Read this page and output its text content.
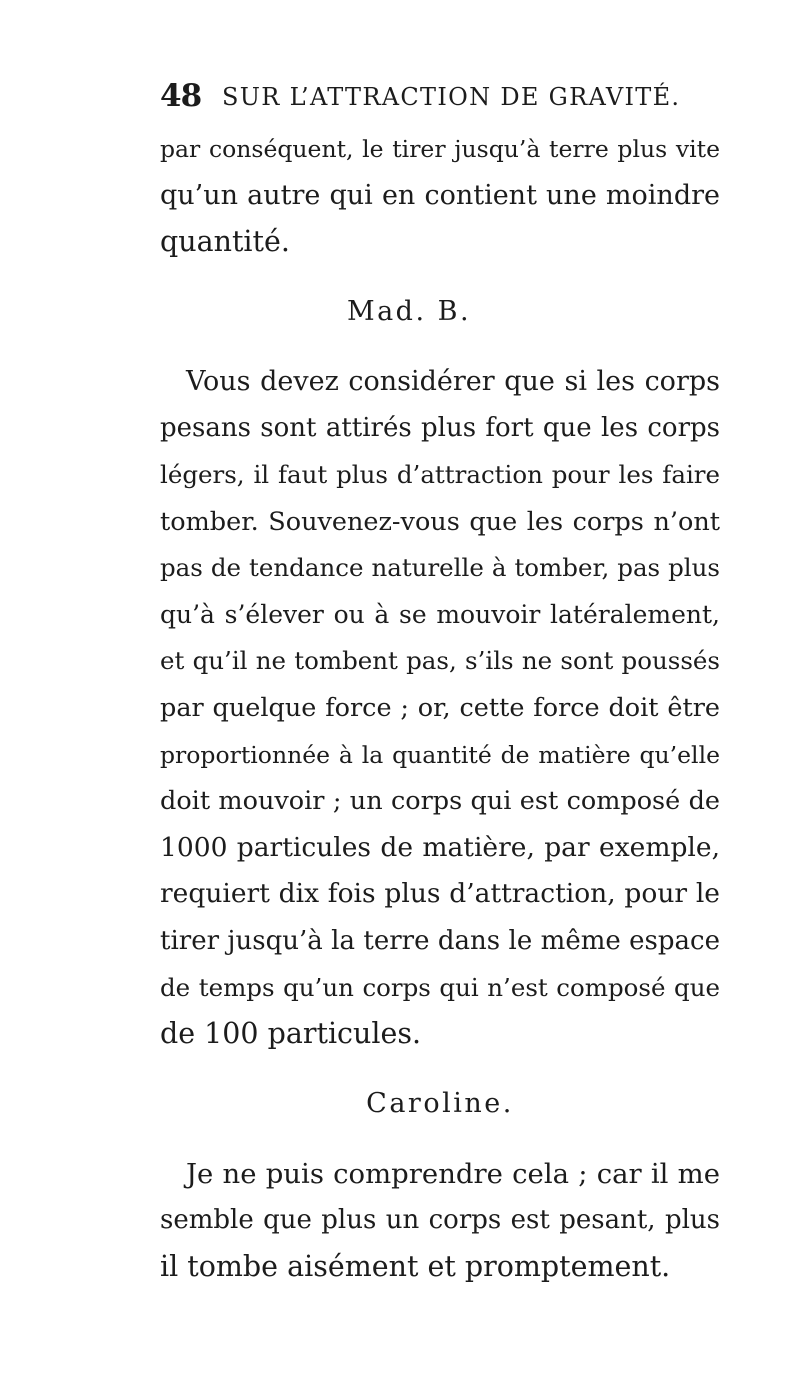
48 SUR L’ATTRACTION DE GRAVITÉ.
par conséquent, le tirer jusqu’à terre plus vite
qu’un autre qui en contient une moindre
quantité.
Mad. B.
Vous devez considérer que si les corps
pesans sont attirés plus fort que les corps
légers, il faut plus d’attraction pour les faire
tomber. Souvenez-vous que les corps n’ont
pas de tendance naturelle à tomber, pas plus
qu’à s’élever ou à se mouvoir latéralement,
et qu’il ne tombent pas, s’ils ne sont poussés
par quelque force ; or, cette force doit être
proportionnée à la quantité de matière qu’elle
doit mouvoir ; un corps qui est composé de
1000 particules de matière, par exemple,
requiert dix fois plus d’attraction, pour le
tirer jusqu’à la terre dans le même espace
de temps qu’un corps qui n’est composé que
de 100 particules.
Caroline.
Je ne puis comprendre cela ; car il me
semble que plus un corps est pesant, plus
il tombe aisément et promptement.
